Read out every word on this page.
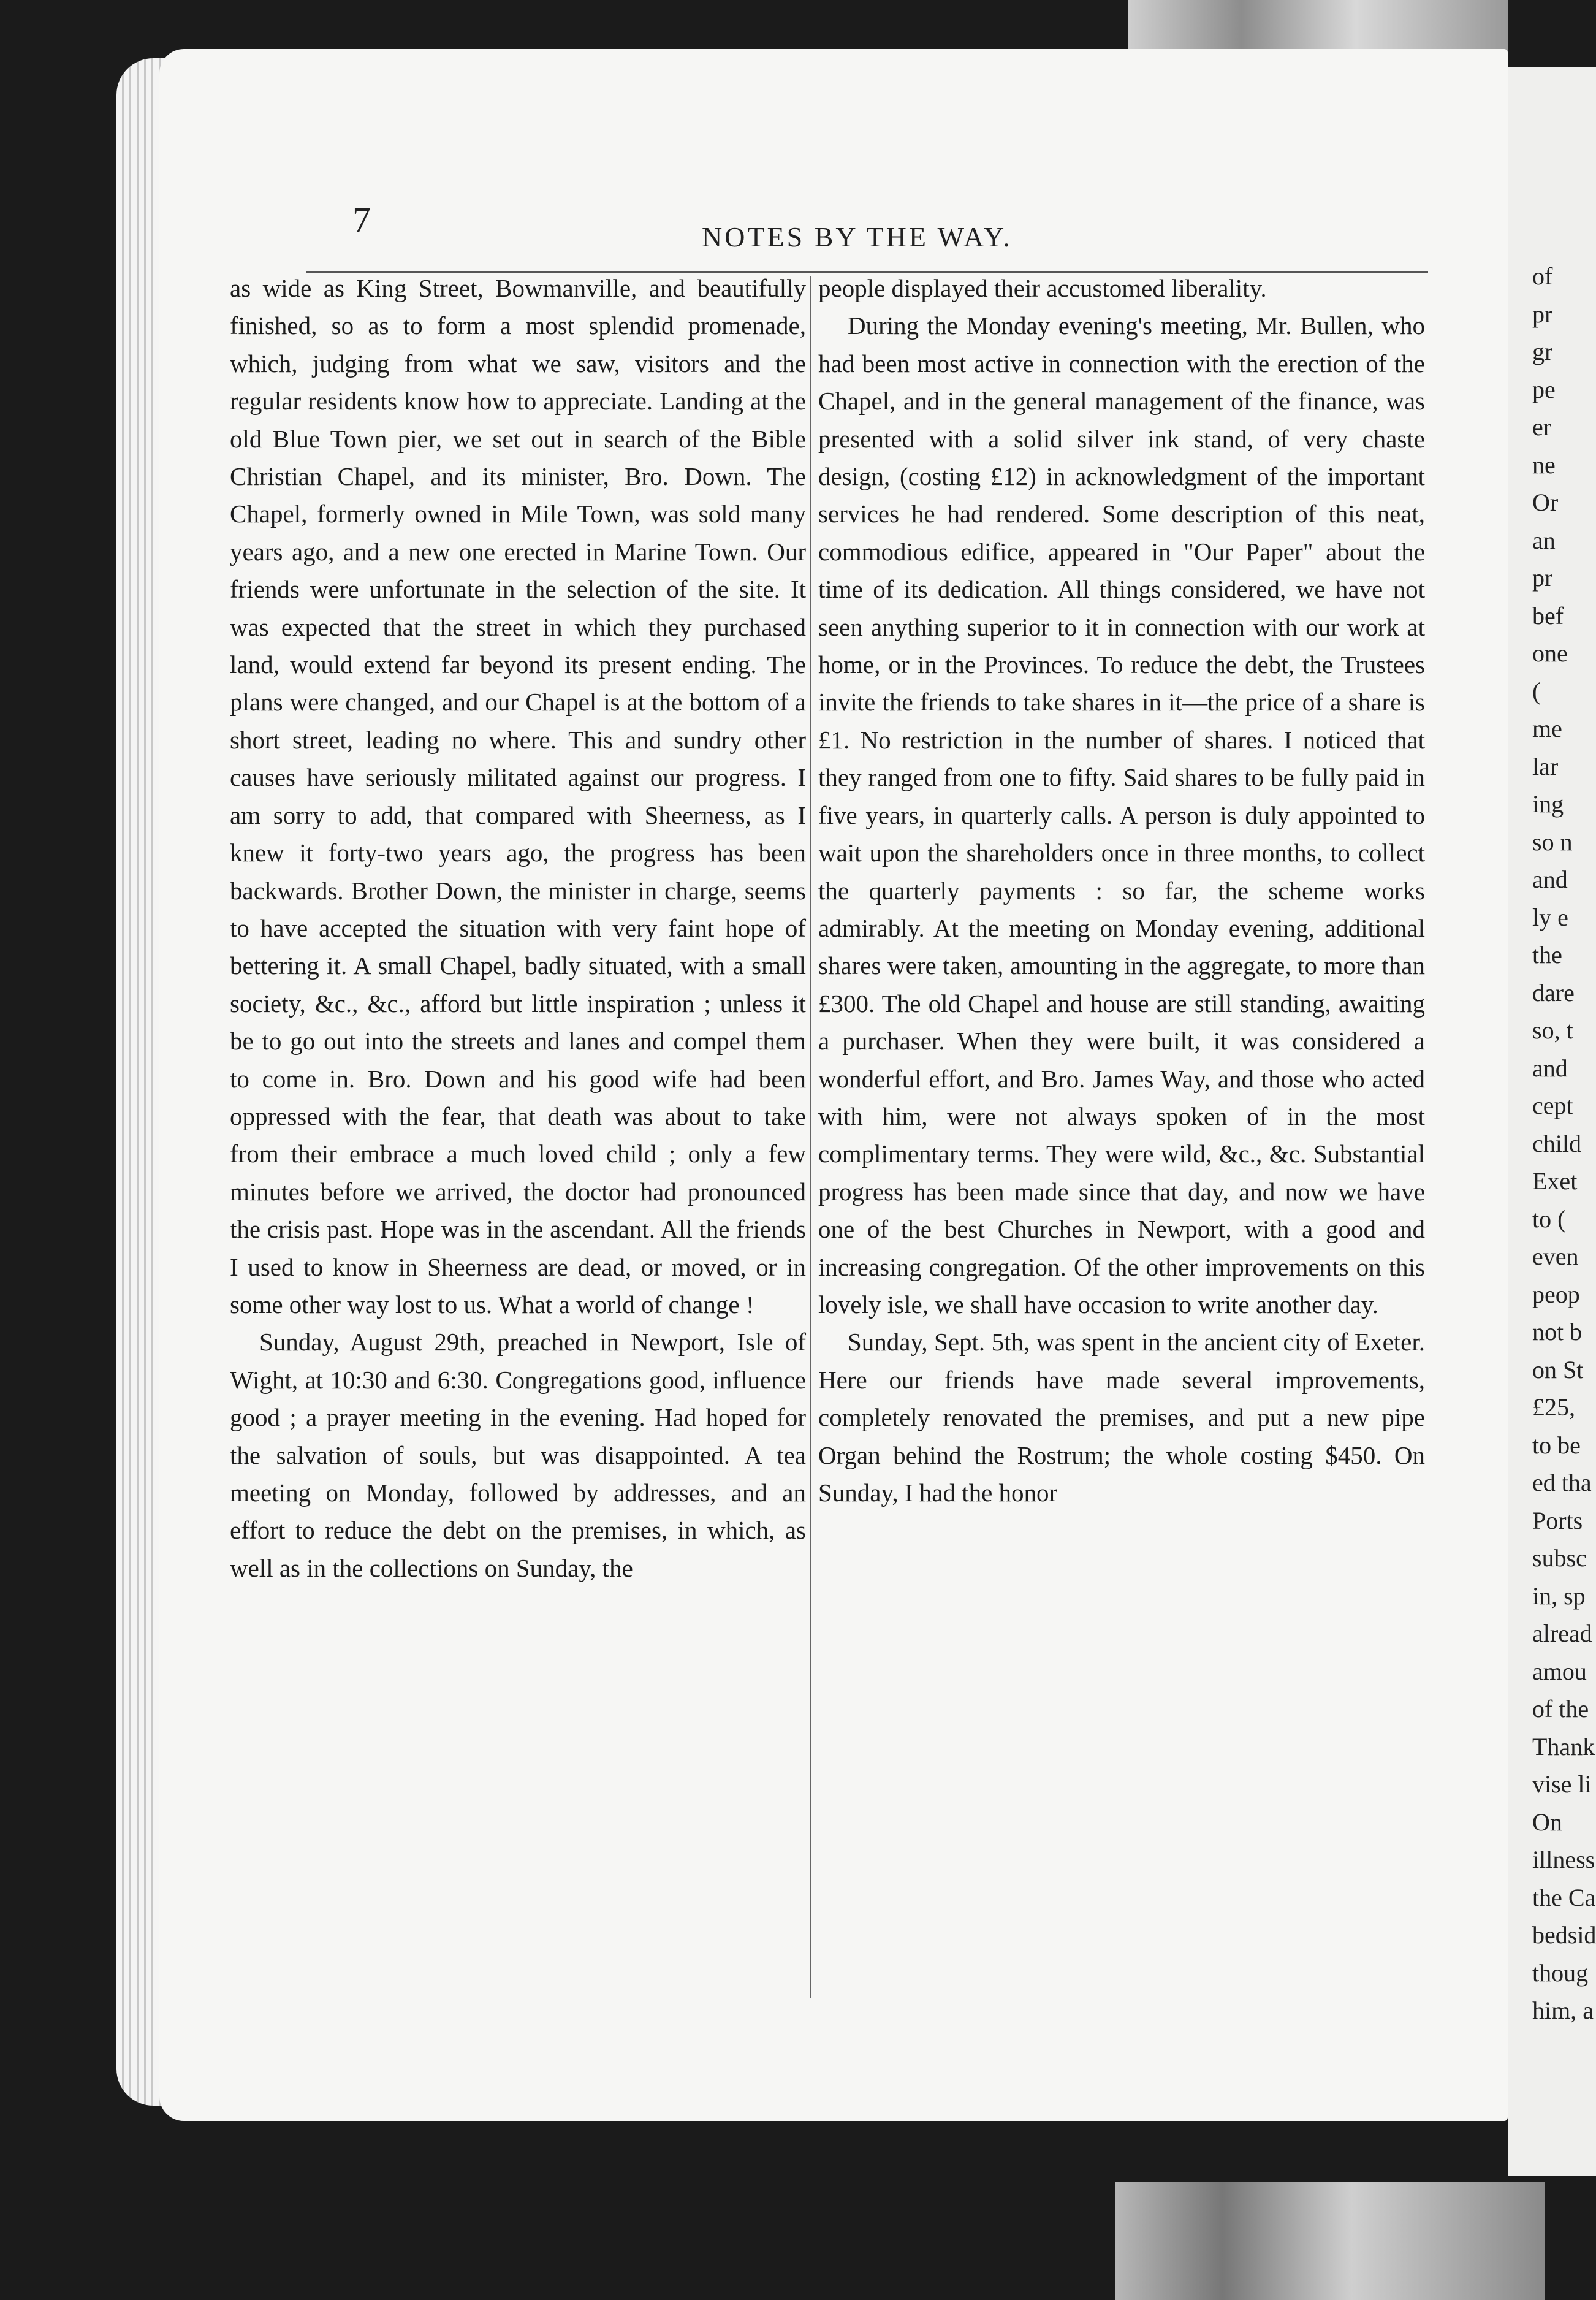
of
pr
gr
pe
er
ne
Or
an
pr
bef
one
(
me
lar
ing
so n
and
ly e
the
dare
so, t
and
cept
child
Exet
to (
even
peop
not b
on St
£25,
to be
ed tha
Ports
subsc
in, sp
alread
amou
of the
Thank
vise li
On
illness
the Ca
bedsid
thoug
him, a
7	NOTES BY THE WAY.

as wide as King Street, Bowmanville, and beautifully finished, so as to form a most splendid promenade, which, judging from what we saw, visitors and the regular residents know how to appreciate. Landing at the old Blue Town pier, we set out in search of the Bible Christian Chapel, and its minister, Bro. Down. The Chapel, formerly owned in Mile Town, was sold many years ago, and a new one erected in Marine Town. Our friends were unfortunate in the selection of the site. It was expected that the street in which they purchased land, would extend far beyond its present ending. The plans were changed, and our Chapel is at the bottom of a short street, leading no where. This and sundry other causes have seriously militated against our progress. I am sorry to add, that compared with Sheerness, as I knew it forty-two years ago, the progress has been backwards. Brother Down, the minister in charge, seems to have accepted the situation with very faint hope of bettering it. A small Chapel, badly situated, with a small society, &c., &c., afford but little inspiration ; unless it be to go out into the streets and lanes and compel them to come in. Bro. Down and his good wife had been oppressed with the fear, that death was about to take from their embrace a much loved child ; only a few minutes before we arrived, the doctor had pronounced the crisis past. Hope was in the ascendant. All the friends I used to know in Sheerness are dead, or moved, or in some other way lost to us. What a world of change !

Sunday, August 29th, preached in Newport, Isle of Wight, at 10:30 and 6:30. Congregations good, influence good ; a prayer meeting in the evening. Had hoped for the salvation of souls, but was disappointed. A tea meeting on Monday, followed by addresses, and an effort to reduce the debt on the premises, in which, as well as in the collections on Sunday, the

people displayed their accustomed liberality.

During the Monday evening's meeting, Mr. Bullen, who had been most active in connection with the erection of the Chapel, and in the general management of the finance, was presented with a solid silver ink stand, of very chaste design, (costing £12) in acknowledgment of the important services he had rendered. Some description of this neat, commodious edifice, appeared in "Our Paper" about the time of its dedication. All things considered, we have not seen anything superior to it in connection with our work at home, or in the Provinces. To reduce the debt, the Trustees invite the friends to take shares in it—the price of a share is £1. No restriction in the number of shares. I noticed that they ranged from one to fifty. Said shares to be fully paid in five years, in quarterly calls. A person is duly appointed to wait upon the shareholders once in three months, to collect the quarterly payments : so far, the scheme works admirably. At the meeting on Monday evening, additional shares were taken, amounting in the aggregate, to more than £300. The old Chapel and house are still standing, awaiting a purchaser. When they were built, it was considered a wonderful effort, and Bro. James Way, and those who acted with him, were not always spoken of in the most complimentary terms. They were wild, &c., &c. Substantial progress has been made since that day, and now we have one of the best Churches in Newport, with a good and increasing congregation. Of the other improvements on this lovely isle, we shall have occasion to write another day.

Sunday, Sept. 5th, was spent in the ancient city of Exeter. Here our friends have made several improvements, completely renovated the premises, and put a new pipe Organ behind the Rostrum; the whole costing $450. On Sunday, I had the honor
